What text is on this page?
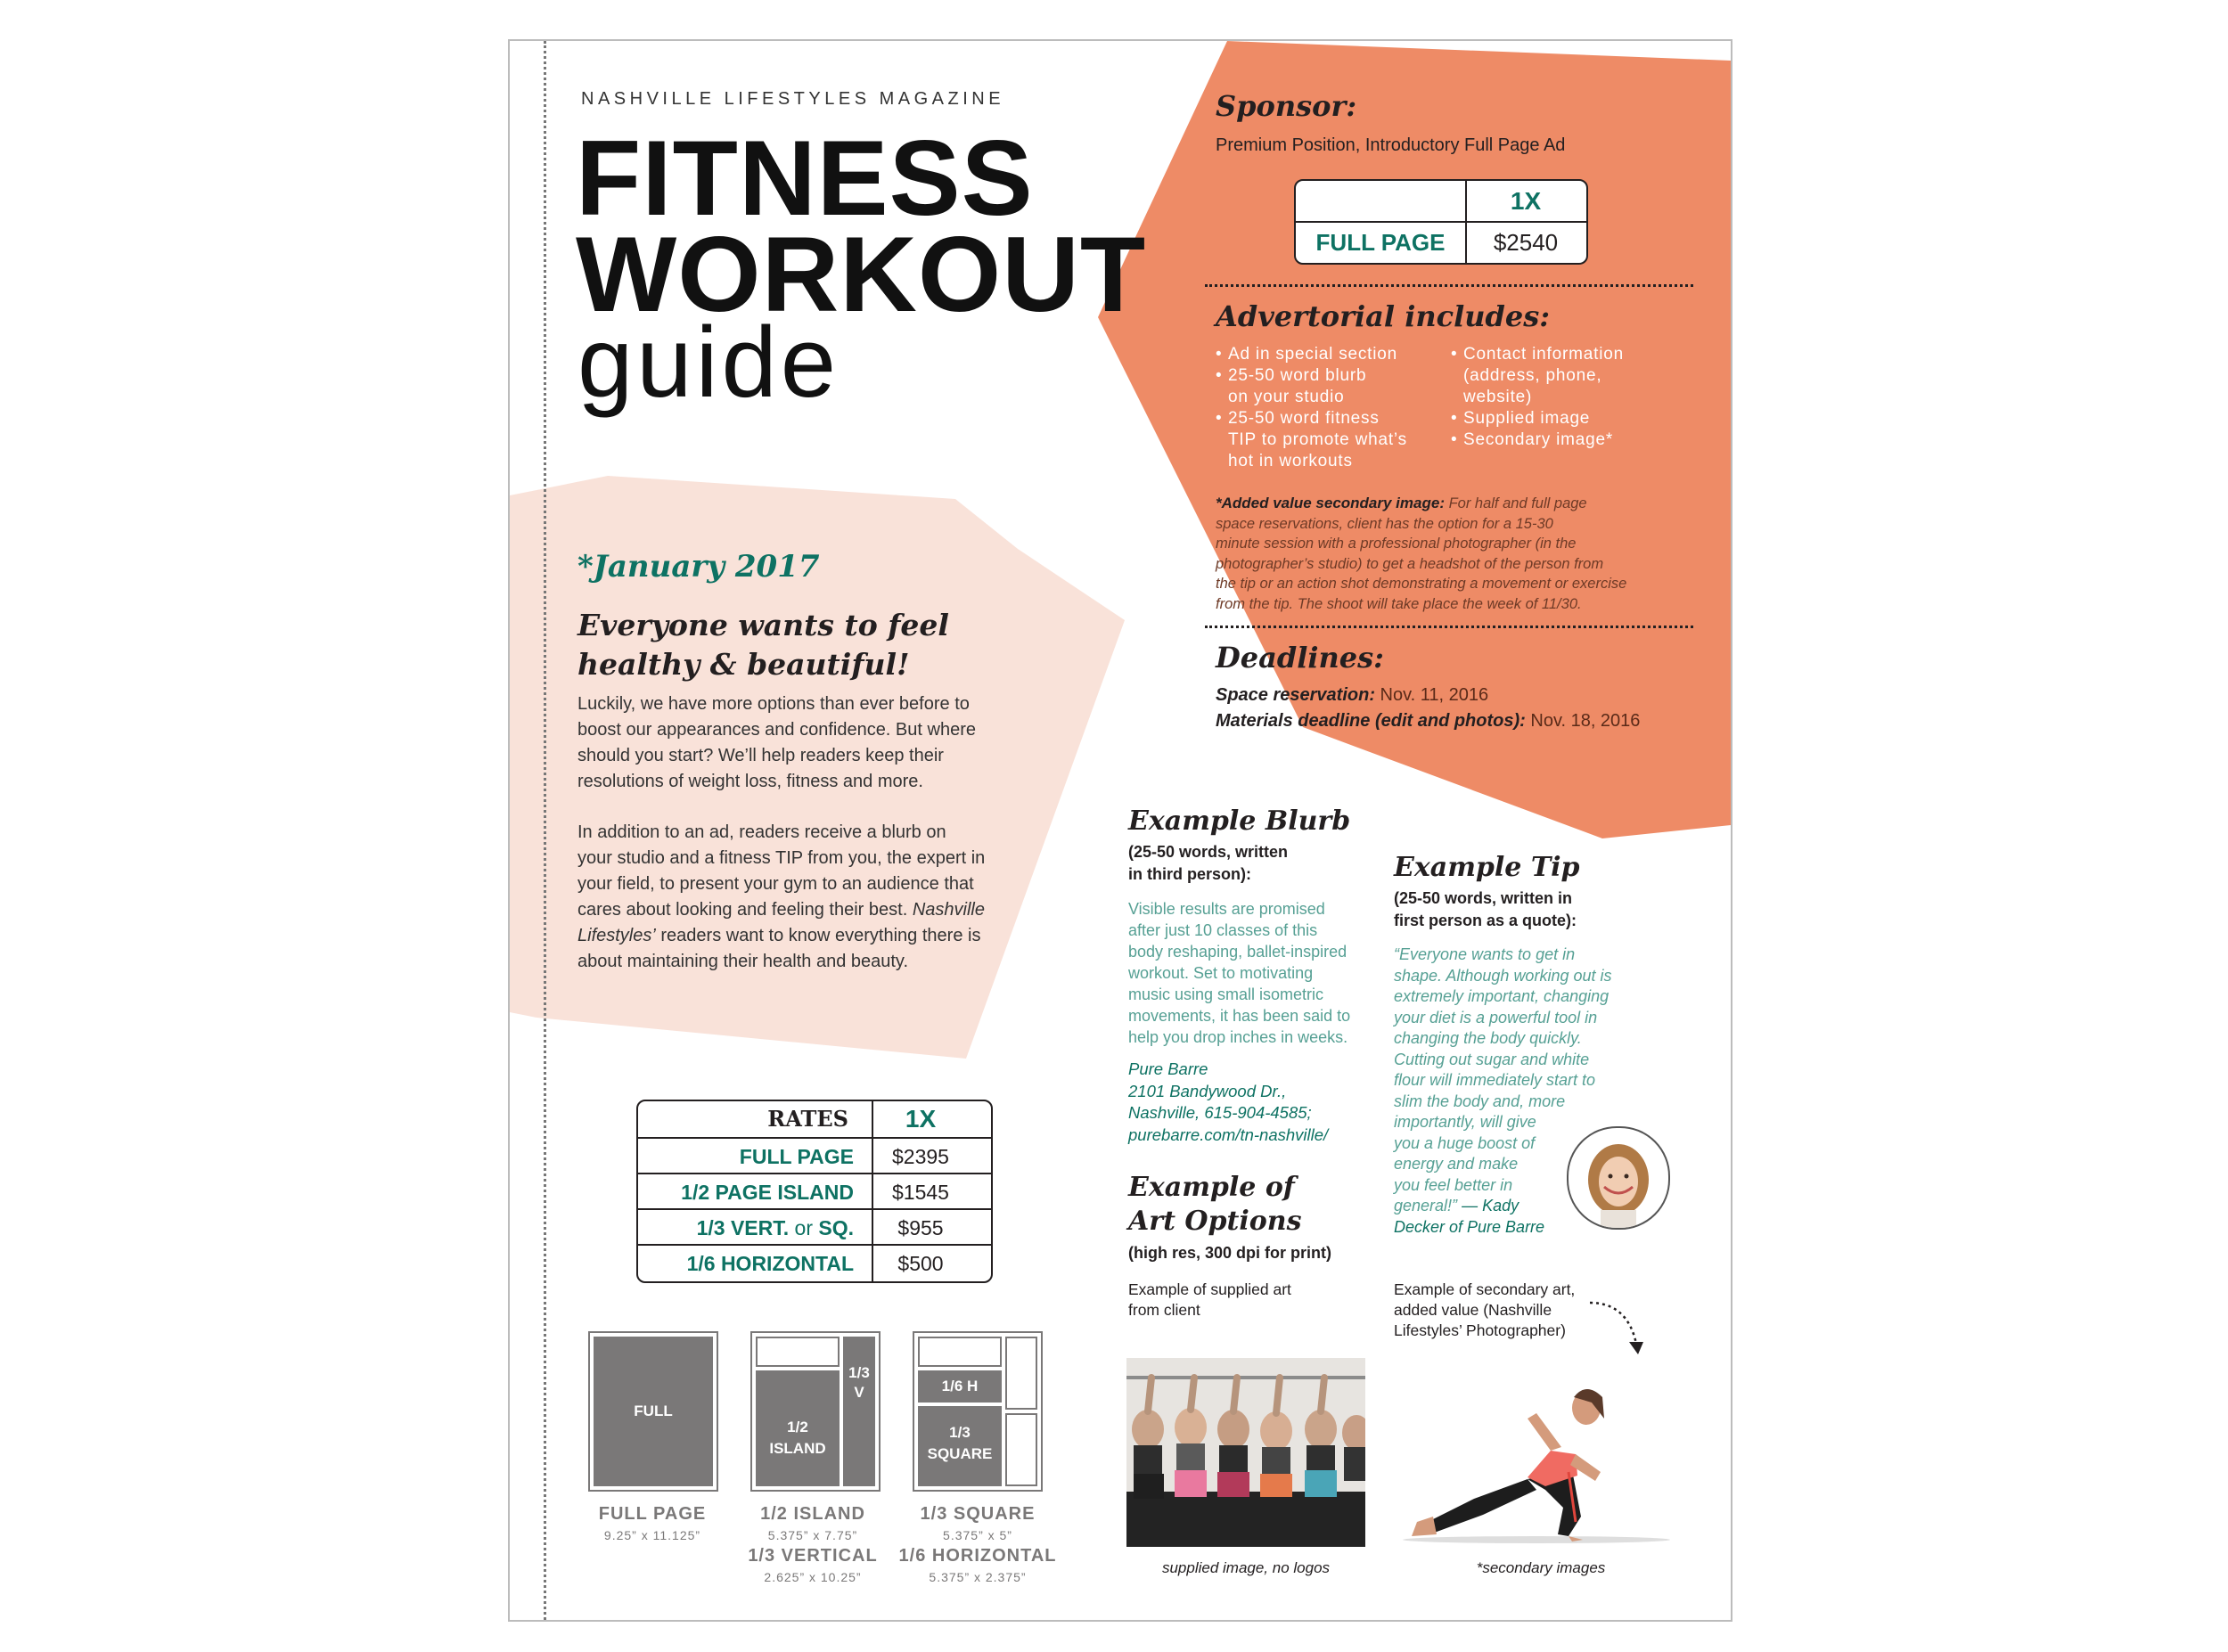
NASHVILLE LIFESTYLES MAGAZINE
FITNESS
WORKOUT
guide
Sponsor:
Premium Position, Introductory Full Page Ad
1X
FULL PAGE	$2540
Advertorial includes:
• Ad in special section
• 25-50 word blurb
on your studio
• 25-50 word fitness
TIP to promote what’s
hot in workouts
• Contact information
(address, phone,
website)
• Supplied image
• Secondary image*
*Added value secondary image: For half and full page
space reservations, client has the option for a 15-30
minute session with a professional photographer (in the
photographer’s studio) to get a headshot of the person from
the tip or an action shot demonstrating a movement or exercise
from the tip. The shoot will take place the week of 11/30.
Deadlines:
Space reservation: Nov. 11, 2016
Materials deadline (edit and photos): Nov. 18, 2016
*January 2017
Everyone wants to feel
healthy & beautiful!
Luckily, we have more options than ever before to
boost our appearances and confidence. But where
should you start? We’ll help readers keep their
resolutions of weight loss, fitness and more.
In addition to an ad, readers receive a blurb on
your studio and a fitness TIP from you, the expert in
your field, to present your gym to an audience that
cares about looking and feeling their best. Nashville
Lifestyles’ readers want to know everything there is
about maintaining their health and beauty.
RATES	1X
FULL PAGE	$2395
1/2 PAGE ISLAND	$1545
1/3 VERT. or SQ.	$955
1/6 HORIZONTAL	$500
FULL
1/2
ISLAND
1/3
V	1/6 H
1/3
SQUARE
FULL PAGE
9.25” x 11.125”
1/2 ISLAND
5.375” x 7.75”
1/3 VERTICAL
2.625” x 10.25”
1/3 SQUARE
5.375” x 5”
1/6 HORIZONTAL
5.375” x 2.375”
Example Blurb
(25-50 words, written
in third person):
Visible results are promised
after just 10 classes of this
body reshaping, ballet-inspired
workout. Set to motivating
music using small isometric
movements, it has been said to
help you drop inches in weeks.
Pure Barre
2101 Bandywood Dr.,
Nashville, 615-904-4585;
purebarre.com/tn-nashville/
Example Tip
(25-50 words, written in
first person as a quote):
“Everyone wants to get in
shape. Although working out is
extremely important, changing
your diet is a powerful tool in
changing the body quickly.
Cutting out sugar and white
flour will immediately start to
slim the body and, more
importantly, will give
you a huge boost of
energy and make
you feel better in
general!” — Kady
Decker of Pure Barre
Example of
Art Options
(high res, 300 dpi for print)
Example of supplied art
from client
Example of secondary art,
added value (Nashville
Lifestyles’ Photographer)
supplied image, no logos	*secondary images
